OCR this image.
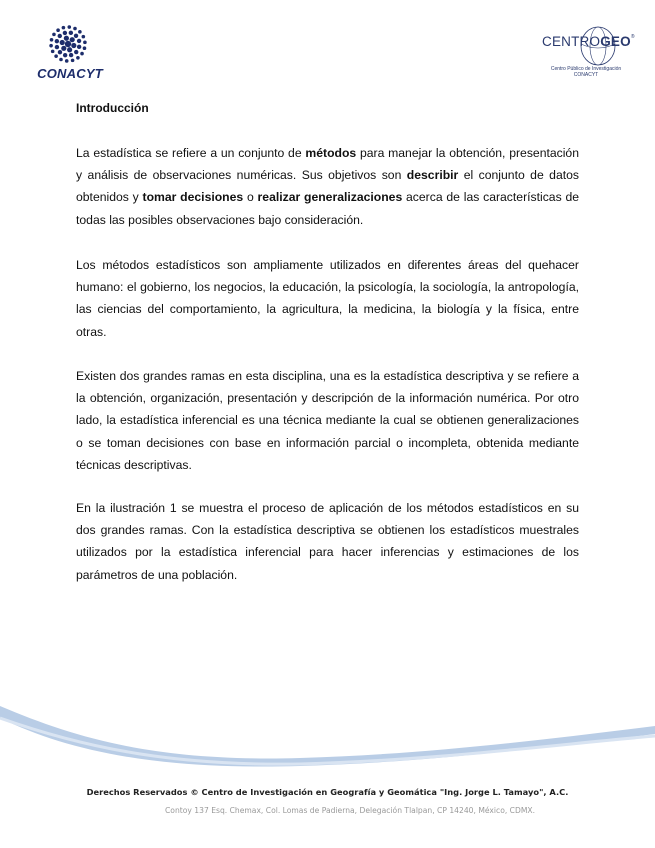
CONACYT
CENTROGEO®
Centro Público de Investigación
CONACYT
Introducción

La estadística se refiere a un conjunto de métodos para manejar la obtención, presentación y análisis de observaciones numéricas. Sus objetivos son describir el conjunto de datos obtenidos y tomar decisiones o realizar generalizaciones acerca de las características de todas las posibles observaciones bajo consideración.

Los métodos estadísticos son ampliamente utilizados en diferentes áreas del quehacer humano: el gobierno, los negocios, la educación, la psicología, la sociología, la antropología, las ciencias del comportamiento, la agricultura, la medicina, la biología y la física, entre otras.

Existen dos grandes ramas en esta disciplina, una es la estadística descriptiva y se refiere a la obtención, organización, presentación y descripción de la información numérica. Por otro lado, la estadística inferencial es una técnica mediante la cual se obtienen generalizaciones o se toman decisiones con base en información parcial o incompleta, obtenida mediante técnicas descriptivas.

En la ilustración 1 se muestra el proceso de aplicación de los métodos estadísticos en su dos grandes ramas. Con la estadística descriptiva se obtienen los estadísticos muestrales utilizados por la estadística inferencial para hacer inferencias y estimaciones de los parámetros de una población.

Derechos Reservados © Centro de Investigación en Geografía y Geomática "Ing. Jorge L. Tamayo", A.C.
Contoy 137 Esq. Chemax, Col. Lomas de Padierna, Delegación Tlalpan, CP 14240, México, CDMX.
